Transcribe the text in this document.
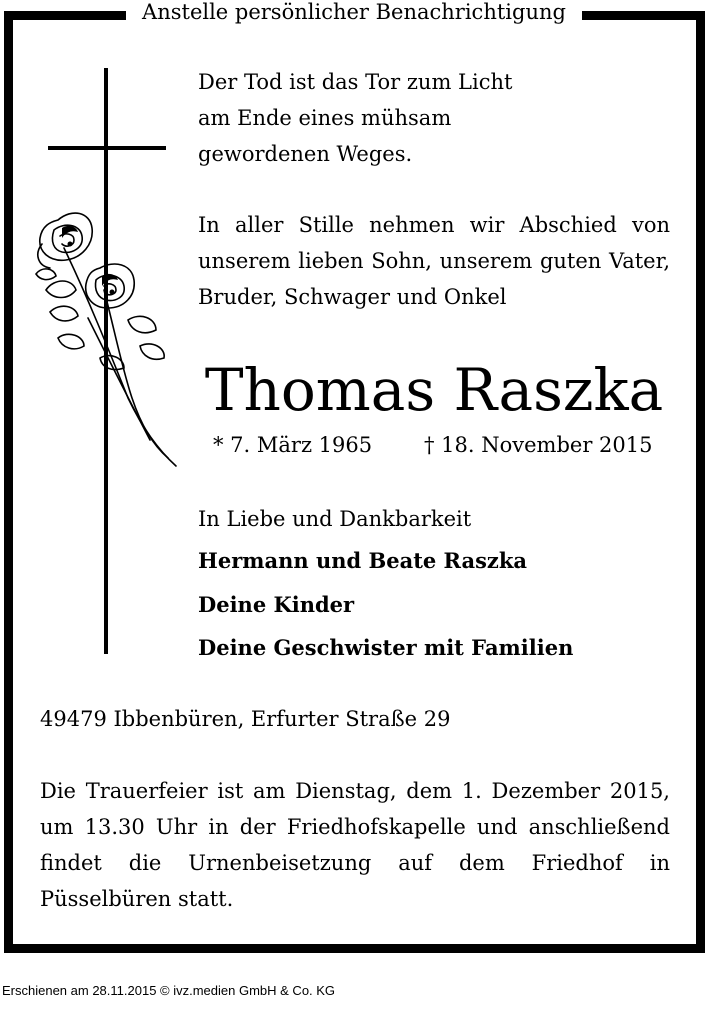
Anstelle persönlicher Benachrichtigung
Der Tod ist das Tor zum Licht
am Ende eines mühsam
gewordenen Weges.
In aller Stille nehmen wir Abschied von
unserem lieben Sohn, unserem guten Vater,
Bruder, Schwager und Onkel
Thomas Raszka
* 7. März 1965 † 18. November 2015
In Liebe und Dankbarkeit
Hermann und Beate Raszka
Deine Kinder
Deine Geschwister mit Familien
49479 Ibbenbüren, Erfurter Straße 29
Die Trauerfeier ist am Dienstag, dem 1. Dezember 2015,
um 13.30 Uhr in der Friedhofskapelle und anschließend
findet die Urnenbeisetzung auf dem Friedhof in
Püsselbüren statt.
Erschienen am 28.11.2015 © ivz.medien GmbH & Co. KG
